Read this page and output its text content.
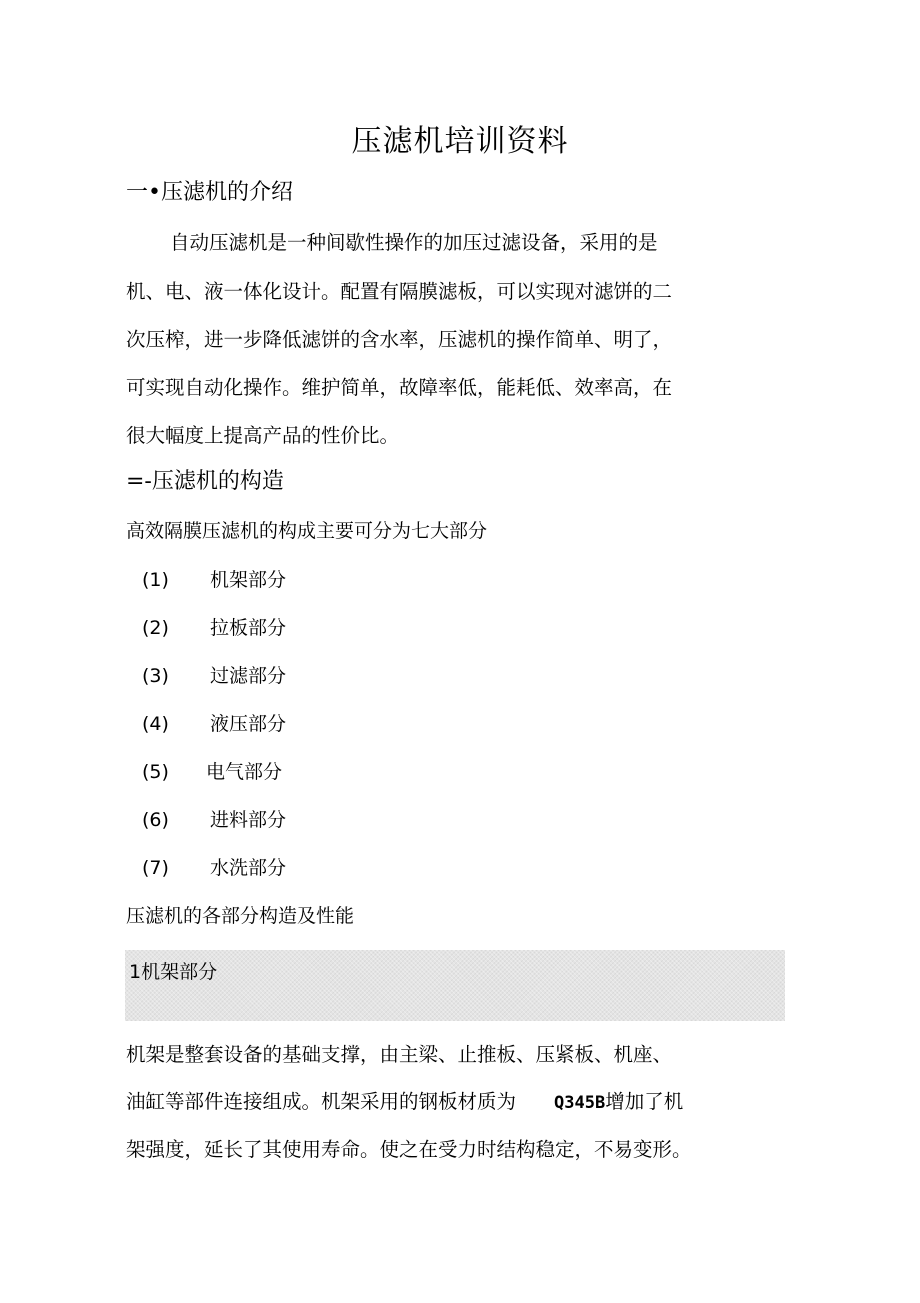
压滤机培训资料
一•压滤机的介绍
自动压滤机是一种间歇性操作的加压过滤设备，采用的是
机、电、液一体化设计。配置有隔膜滤板，可以实现对滤饼的二
次压榨，进一步降低滤饼的含水率，压滤机的操作简单、明了，
可实现自动化操作。维护简单，故障率低，能耗低、效率高，在
很大幅度上提高产品的性价比。
=-压滤机的构造
高效隔膜压滤机的构成主要可分为七大部分
(1) 机架部分
(2) 拉板部分
(3) 过滤部分
(4) 液压部分
(5) 电气部分
(6) 进料部分
(7) 水洗部分
压滤机的各部分构造及性能
1机架部分
机架是整套设备的基础支撑，由主梁、止推板、压紧板、机座、
油缸等部件连接组成。机架采用的钢板材质为 Q345B增加了机
架强度，延长了其使用寿命。使之在受力时结构稳定，不易变形。
